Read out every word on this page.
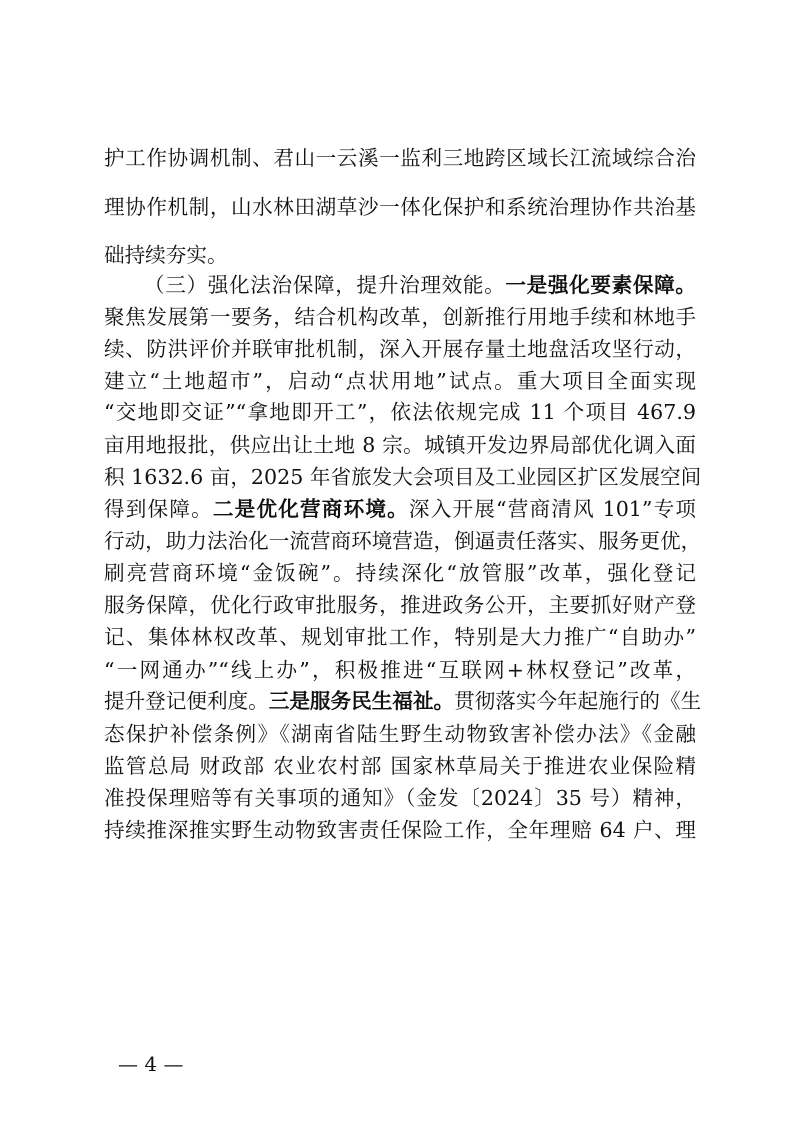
护工作协调机制、君山一云溪一监利三地跨区域长江流域综合治
理协作机制，山水林田湖草沙一体化保护和系统治理协作共治基
础持续夯实。
（三）强化法治保障，提升治理效能。一是强化要素保障。
聚焦发展第一要务，结合机构改革，创新推行用地手续和林地手
续、防洪评价并联审批机制，深入开展存量土地盘活攻坚行动，
建立“土地超市”，启动“点状用地”试点。重大项目全面实现
“交地即交证”“拿地即开工”，依法依规完成 11 个项目 467.9
亩用地报批，供应出让土地 8 宗。城镇开发边界局部优化调入面
积 1632.6 亩，2025 年省旅发大会项目及工业园区扩区发展空间
得到保障。二是优化营商环境。深入开展“营商清风 101”专项
行动，助力法治化一流营商环境营造，倒逼责任落实、服务更优，
刷亮营商环境“金饭碗”。持续深化“放管服”改革，强化登记
服务保障，优化行政审批服务，推进政务公开，主要抓好财产登
记、集体林权改革、规划审批工作，特别是大力推广“自助办”
“一网通办”“线上办”，积极推进“互联网+林权登记”改革，
提升登记便利度。三是服务民生福祉。贯彻落实今年起施行的《生
态保护补偿条例》《湖南省陆生野生动物致害补偿办法》《金融
监管总局 财政部 农业农村部 国家林草局关于推进农业保险精
准投保理赔等有关事项的通知》（金发〔2024〕35 号）精神，
持续推深推实野生动物致害责任保险工作，全年理赔 64 户、理
— 4 —
